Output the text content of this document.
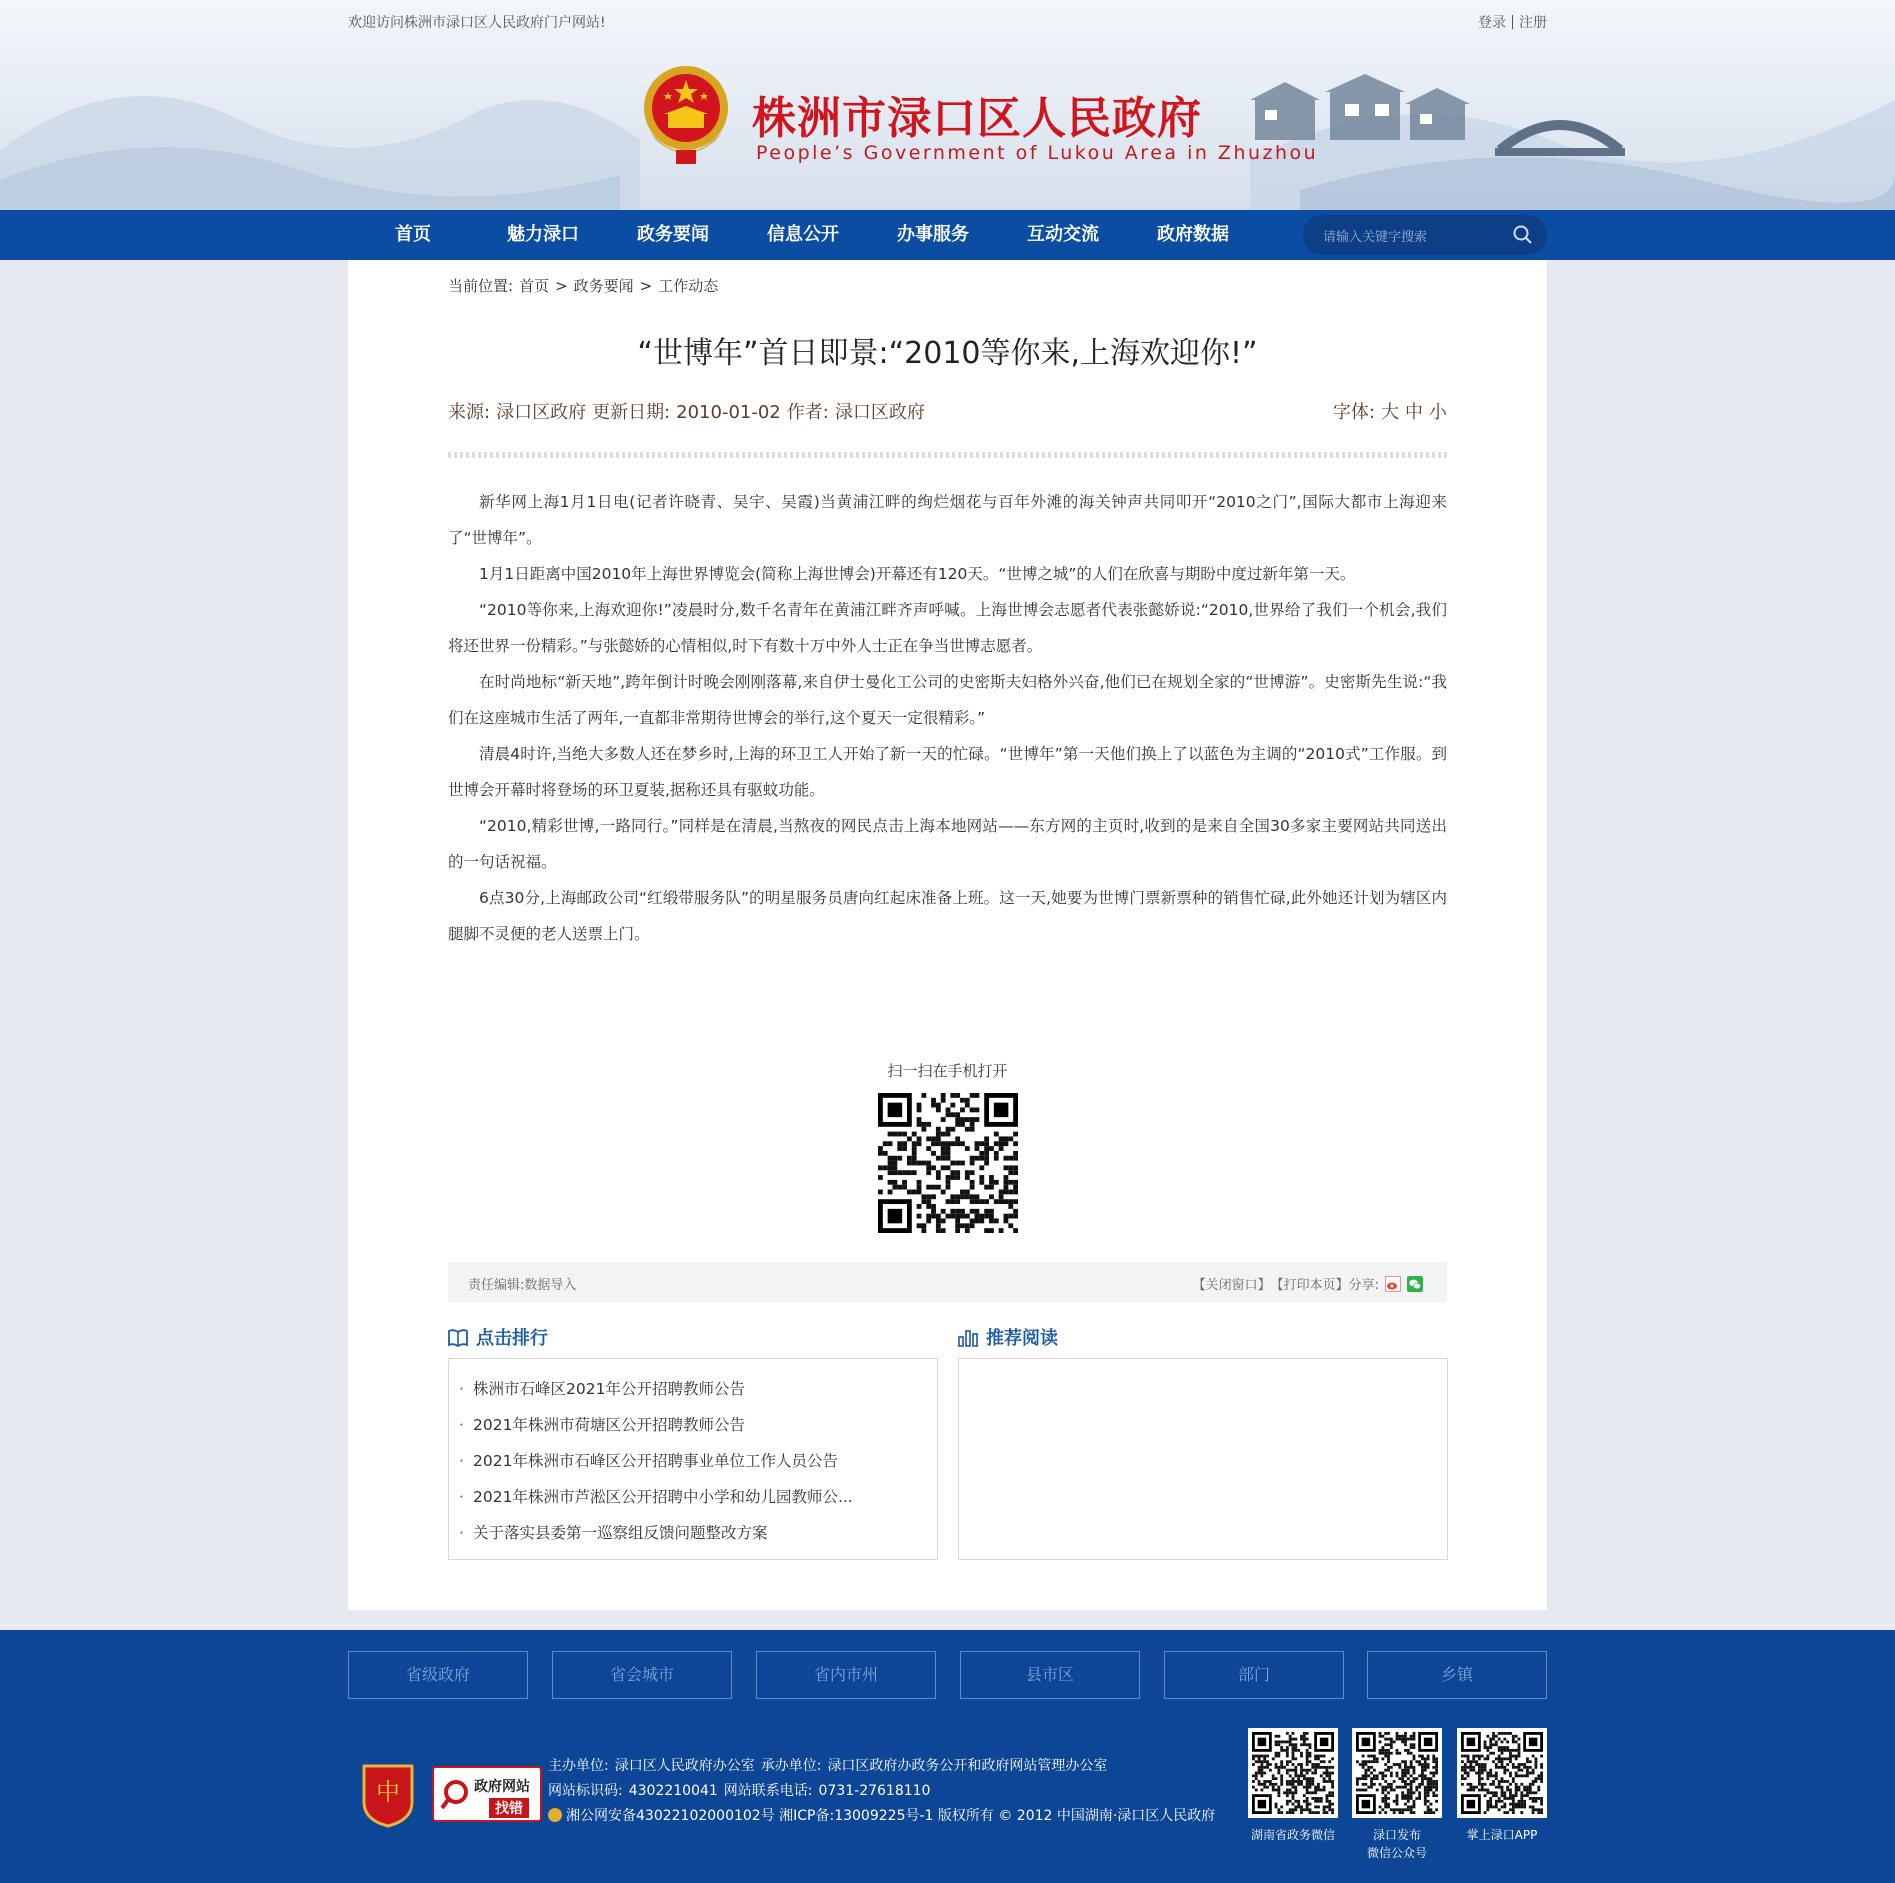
欢迎访问株洲市渌口区人民政府门户网站!	登录 注册
株洲市渌口区人民政府
People’s Government of Lukou Area in Zhuzhou
首页	魅力渌口	政务要闻	信息公开	办事服务	互动交流	政府数据	请输入关键字搜索
当前位置: 首页 > 政务要闻 > 工作动态
“世博年”首日即景:“2010等你来,上海欢迎你!”
来源: 渌口区政府 更新日期: 2010-01-02 作者: 渌口区政府	字体: 大 中 小

新华网上海1月1日电(记者许晓青、吴宇、吴霞)当黄浦江畔的绚烂烟花与百年外滩的海关钟声共同叩开“2010之门”,国际大都市上海迎来了“世博年”。

1月1日距离中国2010年上海世界博览会(简称上海世博会)开幕还有120天。“世博之城”的人们在欣喜与期盼中度过新年第一天。

“2010等你来,上海欢迎你!”凌晨时分,数千名青年在黄浦江畔齐声呼喊。上海世博会志愿者代表张懿娇说:“2010,世界给了我们一个机会,我们将还世界一份精彩。”与张懿娇的心情相似,时下有数十万中外人士正在争当世博志愿者。

在时尚地标“新天地”,跨年倒计时晚会刚刚落幕,来自伊士曼化工公司的史密斯夫妇格外兴奋,他们已在规划全家的“世博游”。史密斯先生说:“我们在这座城市生活了两年,一直都非常期待世博会的举行,这个夏天一定很精彩。”

清晨4时许,当绝大多数人还在梦乡时,上海的环卫工人开始了新一天的忙碌。“世博年”第一天他们换上了以蓝色为主调的“2010式”工作服。到世博会开幕时将登场的环卫夏装,据称还具有驱蚊功能。

“2010,精彩世博,一路同行。”同样是在清晨,当熬夜的网民点击上海本地网站——东方网的主页时,收到的是来自全国30多家主要网站共同送出的一句话祝福。

6点30分,上海邮政公司“红缎带服务队”的明星服务员唐向红起床准备上班。这一天,她要为世博门票新票种的销售忙碌,此外她还计划为辖区内腿脚不灵便的老人送票上门。

扫一扫在手机打开
责任编辑:数据导入	【关闭窗口】【打印本页】分享:
点击排行	推荐阅读
· 株洲市石峰区2021年公开招聘教师公告
· 2021年株洲市荷塘区公开招聘教师公告
· 2021年株洲市石峰区公开招聘事业单位工作人员公告
· 2021年株洲市芦淞区公开招聘中小学和幼儿园教师公...
· 关于落实县委第一巡察组反馈问题整改方案
省级政府	省会城市	省内市州	县市区	部门	乡镇
中	政府网站
找错
主办单位: 渌口区人民政府办公室 承办单位: 渌口区政府办政务公开和政府网站管理办公室
网站标识码: 4302210041 网站联系电话: 0731-27618110
湘公网安备43022102000102号 湘ICP备:13009225号-1 版权所有 © 2012 中国湖南·渌口区人民政府
湖南省政务微信	渌口发布
微信公众号
掌上渌口APP
